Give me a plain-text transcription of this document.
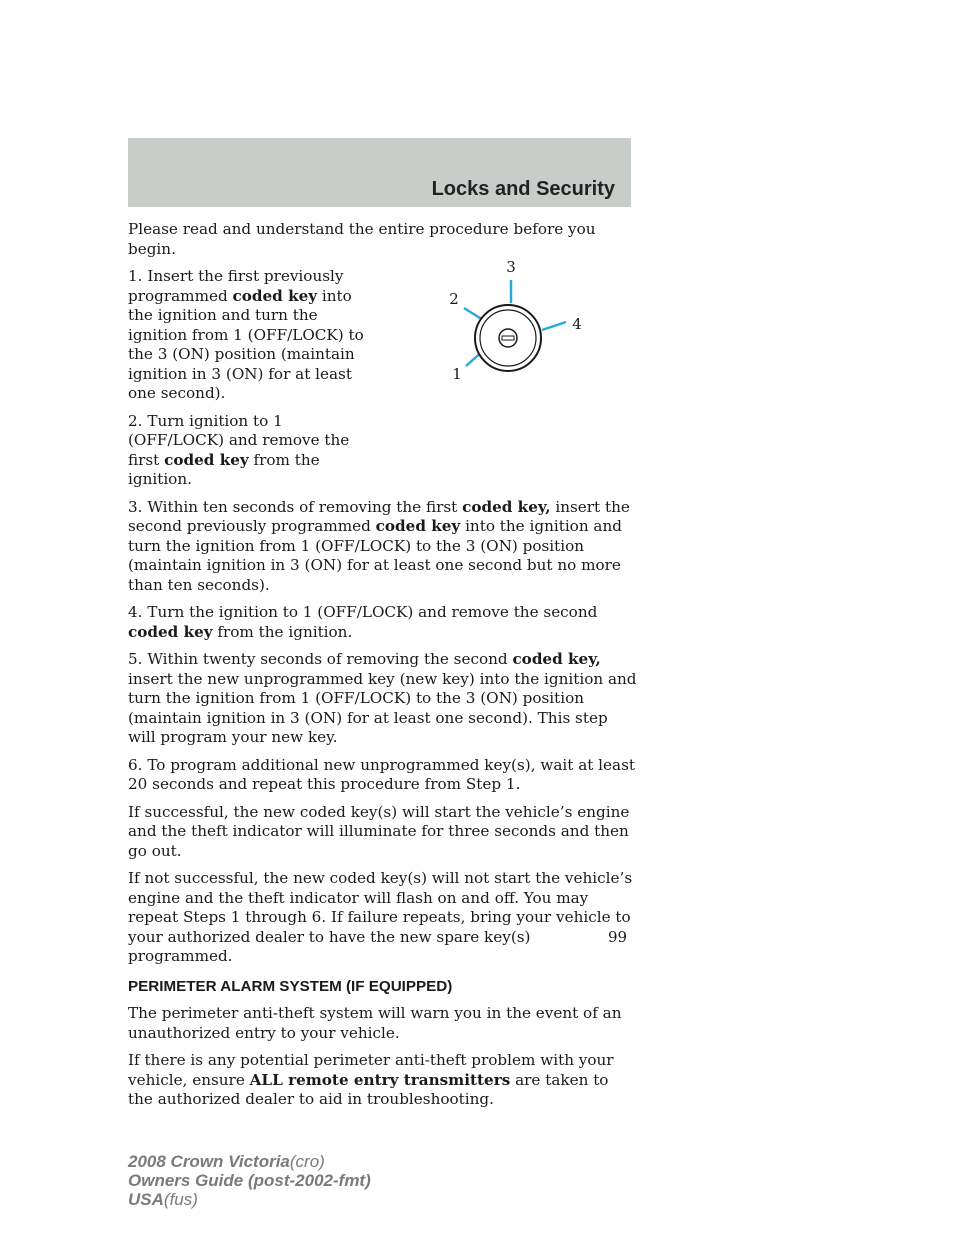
Locks and Security
1
2
3
4

Please read and understand the entire procedure before you begin.

1. Insert the first previously programmed coded key into the ignition and turn the ignition from 1 (OFF/LOCK) to the 3 (ON) position (maintain ignition in 3 (ON) for at least one second).

2. Turn ignition to 1 (OFF/LOCK) and remove the first coded key from the ignition.

3. Within ten seconds of removing the first coded key, insert the second previously programmed coded key into the ignition and turn the ignition from 1 (OFF/LOCK) to the 3 (ON) position (maintain ignition in 3 (ON) for at least one second but no more than ten seconds).

4. Turn the ignition to 1 (OFF/LOCK) and remove the second coded key from the ignition.

5. Within twenty seconds of removing the second coded key, insert the new unprogrammed key (new key) into the ignition and turn the ignition from 1 (OFF/LOCK) to the 3 (ON) position (maintain ignition in 3 (ON) for at least one second). This step will program your new key.

6. To program additional new unprogrammed key(s), wait at least 20 seconds and repeat this procedure from Step 1.

If successful, the new coded key(s) will start the vehicle’s engine and the theft indicator will illuminate for three seconds and then go out.

If not successful, the new coded key(s) will not start the vehicle’s engine and the theft indicator will flash on and off. You may repeat Steps 1 through 6. If failure repeats, bring your vehicle to your authorized dealer to have the new spare key(s) programmed.

PERIMETER ALARM SYSTEM (IF EQUIPPED)

The perimeter anti-theft system will warn you in the event of an unauthorized entry to your vehicle.

If there is any potential perimeter anti-theft problem with your vehicle, ensure ALL remote entry transmitters are taken to the authorized dealer to aid in troubleshooting.

99
2008 Crown Victoria(cro)
Owners Guide (post-2002-fmt)
USA(fus)
